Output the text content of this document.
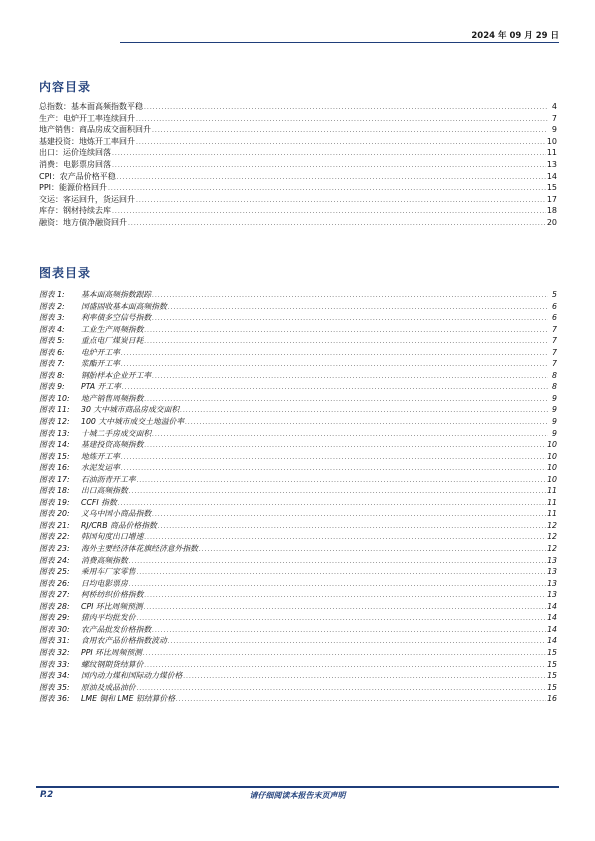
2024 年 09 月 29 日
内容目录
总指数：基本面高频指数平稳 .....	4
生产：电炉开工率连续回升 .....	7
地产销售：商品房成交面积回升 .....	9
基建投资：地炼开工率回升 .....	10
出口：运价连续回落 .....	11
消费：电影票房回落 .....	13
CPI：农产品价格平稳 .....	14
PPI：能源价格回升 .....	15
交运：客运回升，货运回升 .....	17
库存：钢材持续去库 .....	18
融资：地方债净融资回升 .....	20
图表目录
图表 1:	基本面高频指数跟踪 .....	5
图表 2:	国盛固收基本面高频指数 .....	6
图表 3:	利率债多空信号指数 .....	6
图表 4:	工业生产周频指数 .....	7
图表 5:	重点电厂煤炭日耗 .....	7
图表 6:	电炉开工率 .....	7
图表 7:	浆酯开工率 .....	7
图表 8:	钢胎样本企业开工率 .....	8
图表 9:	PTA 开工率 .....	8
图表 10:	地产销售周频指数 .....	9
图表 11:	30 大中城市商品房成交面积 .....	9
图表 12:	100 大中城市成交土地溢价率 .....	9
图表 13:	十城二手房成交面积 .....	9
图表 14:	基建投资高频指数 .....	10
图表 15:	地炼开工率 .....	10
图表 16:	水泥发运率 .....	10
图表 17:	石油沥青开工率 .....	10
图表 18:	出口高频指数 .....	11
图表 19:	CCFI 指数 .....	11
图表 20:	义乌中国小商品指数 .....	11
图表 21:	RJ/CRB 商品价格指数 .....	12
图表 22:	韩国旬度出口增速 .....	12
图表 23:	海外主要经济体花旗经济意外指数 .....	12
图表 24:	消费高频指数 .....	13
图表 25:	乘用车厂家零售 .....	13
图表 26:	日均电影票房 .....	13
图表 27:	柯桥纺织价格指数 .....	13
图表 28:	CPI 环比周频预测 .....	14
图表 29:	猪肉平均批发价 .....	14
图表 30:	农产品批发价格指数 .....	14
图表 31:	食用农产品价格指数波动 .....	14
图表 32:	PPI 环比周频预测 .....	15
图表 33:	螺纹钢期货结算价 .....	15
图表 34:	国内动力煤和国际动力煤价格 .....	15
图表 35:	原油及成品油价 .....	15
图表 36:	LME 铜和 LME 铝结算价格 .....	16
P.2	请仔细阅读本报告末页声明
